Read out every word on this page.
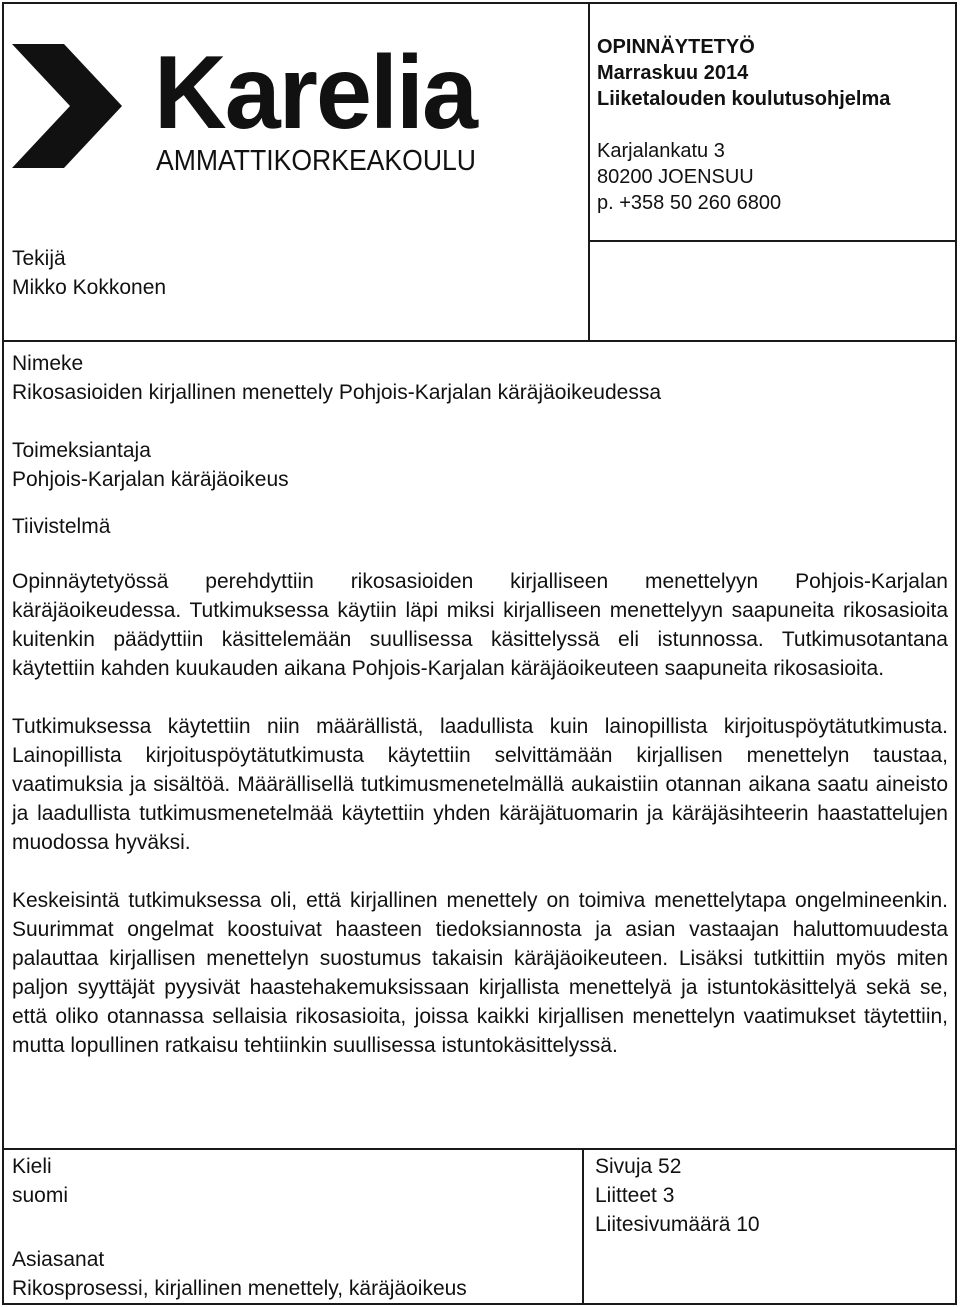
Karelia
AMMATTIKORKEAKOULU
OPINNÄYTETYÖ
Marraskuu 2014
Liiketalouden koulutusohjelma
Karjalankatu 3
80200 JOENSUU
p. +358 50 260 6800
Tekijä
Mikko Kokkonen
Nimeke
Rikosasioiden kirjallinen menettely Pohjois-Karjalan käräjäoikeudessa
Toimeksiantaja
Pohjois-Karjalan käräjäoikeus
Tiivistelmä

Opinnäytetyössä perehdyttiin rikosasioiden kirjalliseen menettelyyn Pohjois-Karjalan käräjäoikeudessa. Tutkimuksessa käytiin läpi miksi kirjalliseen menettelyyn saapuneita rikosasioita kuitenkin päädyttiin käsittelemään suullisessa käsittelyssä eli istunnossa. Tutkimusotantana käytettiin kahden kuukauden aikana Pohjois-Karjalan käräjäoikeuteen saapuneita rikosasioita.

Tutkimuksessa käytettiin niin määrällistä, laadullista kuin lainopillista kirjoituspöytätutkimusta. Lainopillista kirjoituspöytätutkimusta käytettiin selvittämään kirjallisen menettelyn taustaa, vaatimuksia ja sisältöä. Määrällisellä tutkimusmenetelmällä aukaistiin otannan aikana saatu aineisto ja laadullista tutkimusmenetelmää käytettiin yhden käräjätuomarin ja käräjäsihteerin haastattelujen muodossa hyväksi.

Keskeisintä tutkimuksessa oli, että kirjallinen menettely on toimiva menettelytapa ongelmineenkin. Suurimmat ongelmat koostuivat haasteen tiedoksiannosta ja asian vastaajan haluttomuudesta palauttaa kirjallisen menettelyn suostumus takaisin käräjäoikeuteen. Lisäksi tutkittiin myös miten paljon syyttäjät pyysivät haastehakemuksissaan kirjallista menettelyä ja istuntokäsittelyä sekä se, että oliko otannassa sellaisia rikosasioita, joissa kaikki kirjallisen menettelyn vaatimukset täytettiin, mutta lopullinen ratkaisu tehtiinkin suullisessa istuntokäsittelyssä.

Kieli
suomi
Sivuja 52
Liitteet 3
Liitesivumäärä 10
Asiasanat
Rikosprosessi, kirjallinen menettely, käräjäoikeus
